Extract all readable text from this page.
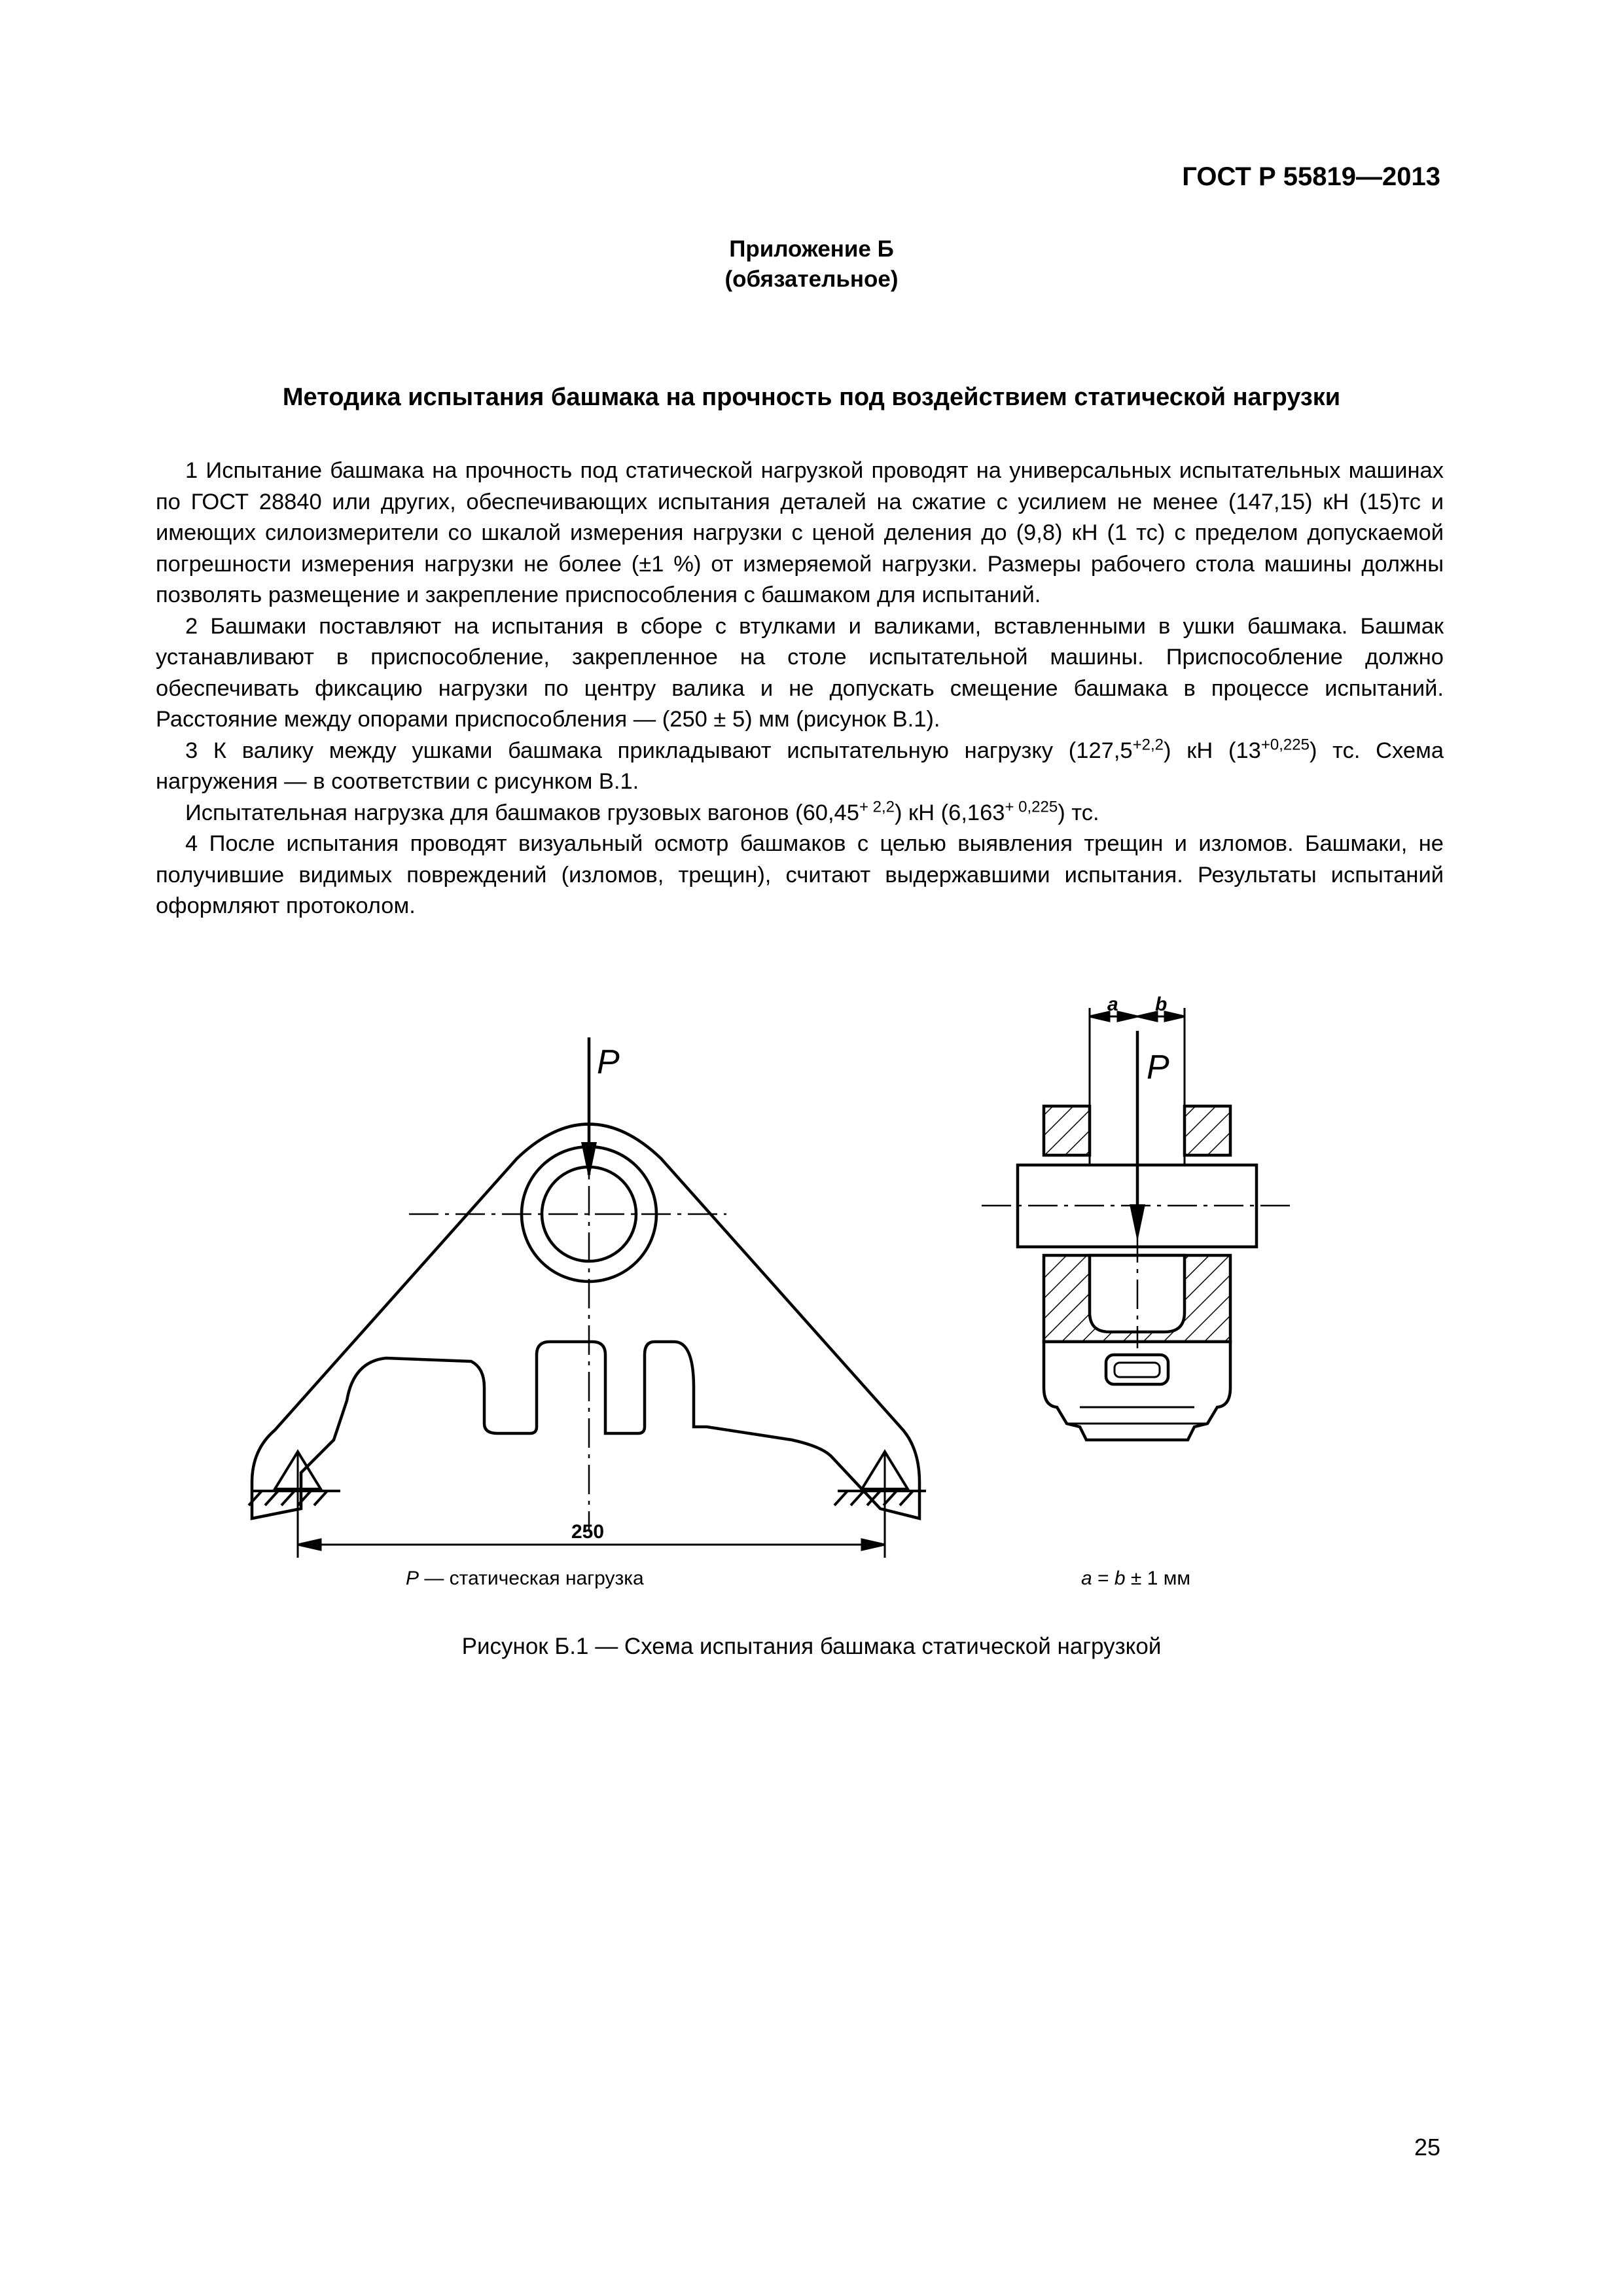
ГОСТ Р 55819—2013
Приложение Б
(обязательное)
Методика испытания башмака на прочность под воздействием статической нагрузки

1 Испытание башмака на прочность под статической нагрузкой проводят на универсальных испытательных машинах по ГОСТ 28840 или других, обеспечивающих испытания деталей на сжатие с усилием не менее (147,15) кН (15)тс и имеющих силоизмерители со шкалой измерения нагрузки с ценой деления до (9,8) кН (1 тс) с пределом допускаемой погрешности измерения нагрузки не более (±1 %) от измеряемой нагрузки. Размеры рабочего стола машины должны позволять размещение и закрепление приспособления с башмаком для испытаний.

2 Башмаки поставляют на испытания в сборе с втулками и валиками, вставленными в ушки башмака. Башмак устанавливают в приспособление, закрепленное на столе испытательной машины. Приспособление должно обеспечивать фиксацию нагрузки по центру валика и не допускать смещение башмака в процессе испытаний. Расстояние между опорами приспособления — (250 ± 5) мм (рисунок В.1).

3 К валику между ушками башмака прикладывают испытательную нагрузку $(127,5^{+2,2})$ кН $(13^{+0,225})$ тс. Схема нагружения — в соответствии с рисунком В.1.

Испытательная нагрузка для башмаков грузовых вагонов $(60,45^{+ 2,2})$ кН $(6,163^{+ 0,225})$ тс.

4 После испытания проводят визуальный осмотр башмаков с целью выявления трещин и изломов. Башмаки, не получившие видимых повреждений (изломов, трещин), считают выдержавшими испытания. Результаты испытаний оформляют протоколом.

P	P
a b
250
P — статическая нагрузка	a = b ± 1 мм
Рисунок Б.1 — Схема испытания башмака статической нагрузкой
25
